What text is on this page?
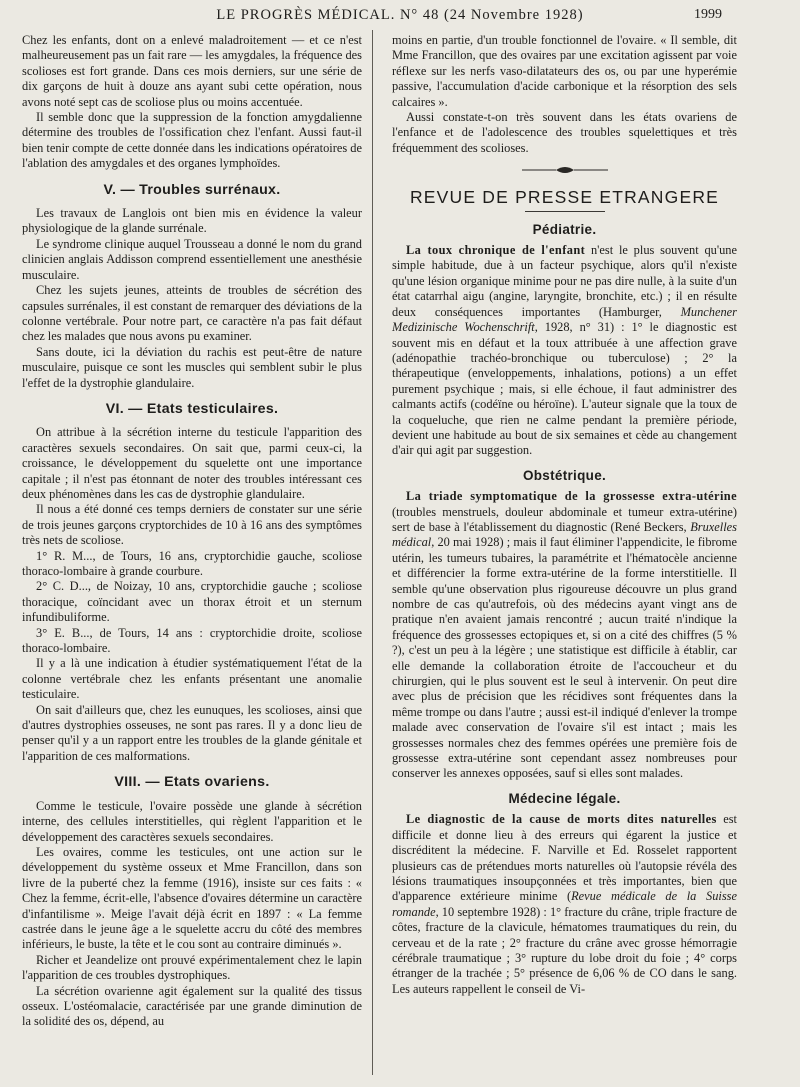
LE PROGRÈS MÉDICAL. N° 48 (24 Novembre 1928)	1999

Chez les enfants, dont on a enlevé maladroitement — et ce n'est malheureusement pas un fait rare — les amygdales, la fréquence des scolioses est fort grande. Dans ces mois derniers, sur une série de dix garçons de huit à douze ans ayant subi cette opération, nous avons noté sept cas de scoliose plus ou moins accentuée.

Il semble donc que la suppression de la fonction amygdalienne détermine des troubles de l'ossification chez l'enfant. Aussi faut-il bien tenir compte de cette donnée dans les indications opératoires de l'ablation des amygdales et des organes lymphoïdes.

V. — Troubles surrénaux.

Les travaux de Langlois ont bien mis en évidence la valeur physiologique de la glande surrénale.

Le syndrome clinique auquel Trousseau a donné le nom du grand clinicien anglais Addisson comprend essentiellement une anesthésie musculaire.

Chez les sujets jeunes, atteints de troubles de sécrétion des capsules surrénales, il est constant de remarquer des déviations de la colonne vertébrale. Pour notre part, ce caractère n'a pas fait défaut chez les malades que nous avons pu examiner.

Sans doute, ici la déviation du rachis est peut-être de nature musculaire, puisque ce sont les muscles qui semblent subir le plus l'effet de la dystrophie glandulaire.

VI. — Etats testiculaires.

On attribue à la sécrétion interne du testicule l'apparition des caractères sexuels secondaires. On sait que, parmi ceux-ci, la croissance, le développement du squelette ont une importance capitale ; il n'est pas étonnant de noter des troubles intéressant ces deux phénomènes dans les cas de dystrophie glandulaire.

Il nous a été donné ces temps derniers de constater sur une série de trois jeunes garçons cryptorchides de 10 à 16 ans des symptômes très nets de scoliose.

1° R. M..., de Tours, 16 ans, cryptorchidie gauche, scoliose thoraco-lombaire à grande courbure.

2° C. D..., de Noizay, 10 ans, cryptorchidie gauche ; scoliose thoracique, coïncidant avec un thorax étroit et un sternum infundibuliforme.

3° E. B..., de Tours, 14 ans : cryptorchidie droite, scoliose thoraco-lombaire.

Il y a là une indication à étudier systématiquement l'état de la colonne vertébrale chez les enfants présentant une anomalie testiculaire.

On sait d'ailleurs que, chez les eunuques, les scolioses, ainsi que d'autres dystrophies osseuses, ne sont pas rares. Il y a donc lieu de penser qu'il y a un rapport entre les troubles de la glande génitale et l'apparition de ces malformations.

VIII. — Etats ovariens.

Comme le testicule, l'ovaire possède une glande à sécrétion interne, des cellules interstitielles, qui règlent l'apparition et le développement des caractères sexuels secondaires.

Les ovaires, comme les testicules, ont une action sur le développement du système osseux et Mme Francillon, dans son livre de la puberté chez la femme (1916), insiste sur ces faits : « Chez la femme, écrit-elle, l'absence d'ovaires détermine un caractère d'infantilisme ». Meige l'avait déjà écrit en 1897 : « La femme castrée dans le jeune âge a le squelette accru du côté des membres inférieurs, le buste, la tête et le cou sont au contraire diminués ».

Richer et Jeandelize ont prouvé expérimentalement chez le lapin l'apparition de ces troubles dystrophiques.

La sécrétion ovarienne agit également sur la qualité des tissus osseux. L'ostéomalacie, caractérisée par une grande diminution de la solidité des os, dépend, au

moins en partie, d'un trouble fonctionnel de l'ovaire. « Il semble, dit Mme Francillon, que des ovaires par une excitation agissent par voie réflexe sur les nerfs vaso-dilatateurs des os, ou par une hyperémie passive, l'accumulation d'acide carbonique et la résorption des sels calcaires ».

Aussi constate-t-on très souvent dans les états ovariens de l'enfance et de l'adolescence des troubles squelettiques et très fréquemment des scolioses.

REVUE DE PRESSE ETRANGERE
Pédiatrie.

La toux chronique de l'enfant n'est le plus souvent qu'une simple habitude, due à un facteur psychique, alors qu'il n'existe qu'une lésion organique minime pour ne pas dire nulle, à la suite d'un état catarrhal aigu (angine, laryngite, bronchite, etc.) ; il en résulte deux conséquences importantes (Hamburger, Munchener Medizinische Wochenschrift, 1928, n° 31) : 1° le diagnostic est souvent mis en défaut et la toux attribuée à une affection grave (adénopathie trachéo-bronchique ou tuberculose) ; 2° la thérapeutique (enveloppements, inhalations, potions) a un effet purement psychique ; mais, si elle échoue, il faut administrer des calmants actifs (codéïne ou héroïne). L'auteur signale que la toux de la coqueluche, que rien ne calme pendant la première période, devient une habitude au bout de six semaines et cède au changement d'air qui agit par suggestion.

Obstétrique.

La triade symptomatique de la grossesse extra-utérine (troubles menstruels, douleur abdominale et tumeur extra-utérine) sert de base à l'établissement du diagnostic (René Beckers, Bruxelles médical, 20 mai 1928) ; mais il faut éliminer l'appendicite, le fibrome utérin, les tumeurs tubaires, la paramétrite et l'hématocèle ancienne et différencier la forme extra-utérine de la forme interstitielle. Il semble qu'une observation plus rigoureuse découvre un plus grand nombre de cas qu'autrefois, où des médecins ayant vingt ans de pratique n'en avaient jamais rencontré ; aucun traité n'indique la fréquence des grossesses ectopiques et, si on a cité des chiffres (5 % ?), c'est un peu à la légère ; une statistique est difficile à établir, car elle demande la collaboration étroite de l'accoucheur et du chirurgien, qui le plus souvent est le seul à intervenir. On peut dire avec plus de précision que les récidives sont fréquentes dans la même trompe ou dans l'autre ; aussi est-il indiqué d'enlever la trompe malade avec conservation de l'ovaire s'il est intact ; mais les grossesses normales chez des femmes opérées une première fois de grossesse extra-utérine sont cependant assez nombreuses pour conserver les annexes opposées, sauf si elles sont malades.

Médecine légale.

Le diagnostic de la cause de morts dites naturelles est difficile et donne lieu à des erreurs qui égarent la justice et discréditent la médecine. F. Narville et Ed. Rosselet rapportent plusieurs cas de prétendues morts naturelles où l'autopsie révéla des lésions traumatiques insoupçonnées et très importantes, bien que d'apparence extérieure minime (Revue médicale de la Suisse romande, 10 septembre 1928) : 1° fracture du crâne, triple fracture de côtes, fracture de la clavicule, hématomes traumatiques du rein, du cerveau et de la rate ; 2° fracture du crâne avec grosse hémorragie cérébrale traumatique ; 3° rupture du lobe droit du foie ; 4° corps étranger de la trachée ; 5° présence de 6,06 % de CO dans le sang. Les auteurs rappellent le conseil de Vi-
